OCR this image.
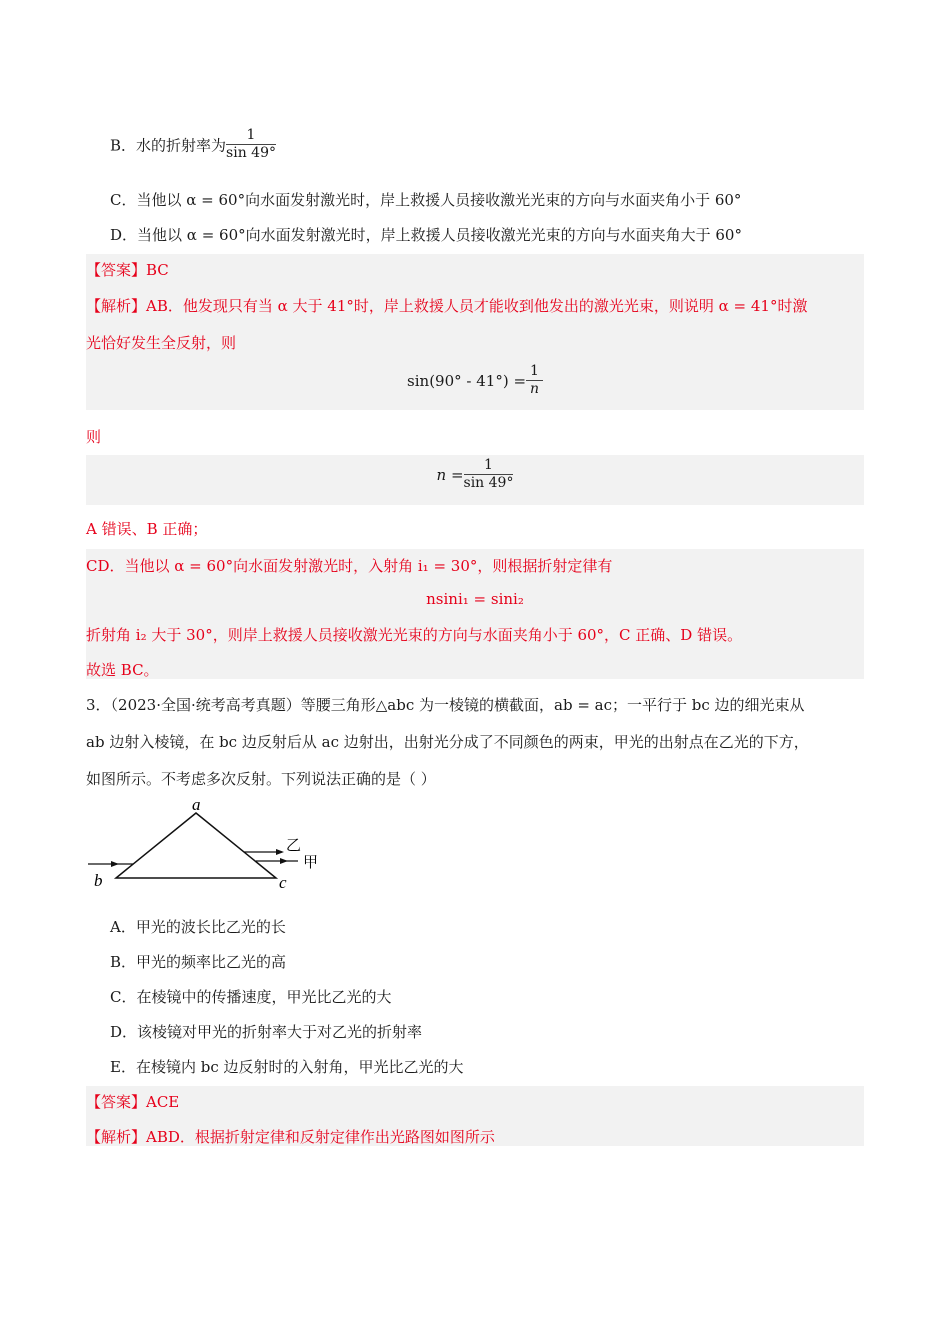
B．水的折射率为 $\frac{1}{\sin 49^\circ}$
C．当他以 α = 60°向水面发射激光时，岸上救援人员接收激光光束的方向与水面夹角小于 60°
D．当他以 α = 60°向水面发射激光时，岸上救援人员接收激光光束的方向与水面夹角大于 60°
【答案】BC
【解析】AB．他发现只有当 α 大于 41°时，岸上救援人员才能收到他发出的激光光束，则说明 α = 41°时激
光恰好发生全反射，则
$\sin(90^\circ - 41^\circ) = \frac{1}{n}$
则
$n = \frac{1}{\sin 49^\circ}$
A 错误、B 正确；
CD．当他以 α = 60°向水面发射激光时，入射角 i₁ = 30°，则根据折射定律有
nsini₁ = sini₂
折射角 i₂ 大于 30°，则岸上救援人员接收激光光束的方向与水面夹角小于 60°，C 正确、D 错误。
故选 BC。
3．（2023·全国·统考高考真题）等腰三角形△abc 为一棱镜的横截面，ab = ac；一平行于 bc 边的细光束从
ab 边射入棱镜，在 bc 边反射后从 ac 边射出，出射光分成了不同颜色的两束，甲光的出射点在乙光的下方，
如图所示。不考虑多次反射。下列说法正确的是（ ）
a
b	c
乙
甲
A．甲光的波长比乙光的长
B．甲光的频率比乙光的高
C．在棱镜中的传播速度，甲光比乙光的大
D．该棱镜对甲光的折射率大于对乙光的折射率
E．在棱镜内 bc 边反射时的入射角，甲光比乙光的大
【答案】ACE
【解析】ABD．根据折射定律和反射定律作出光路图如图所示
